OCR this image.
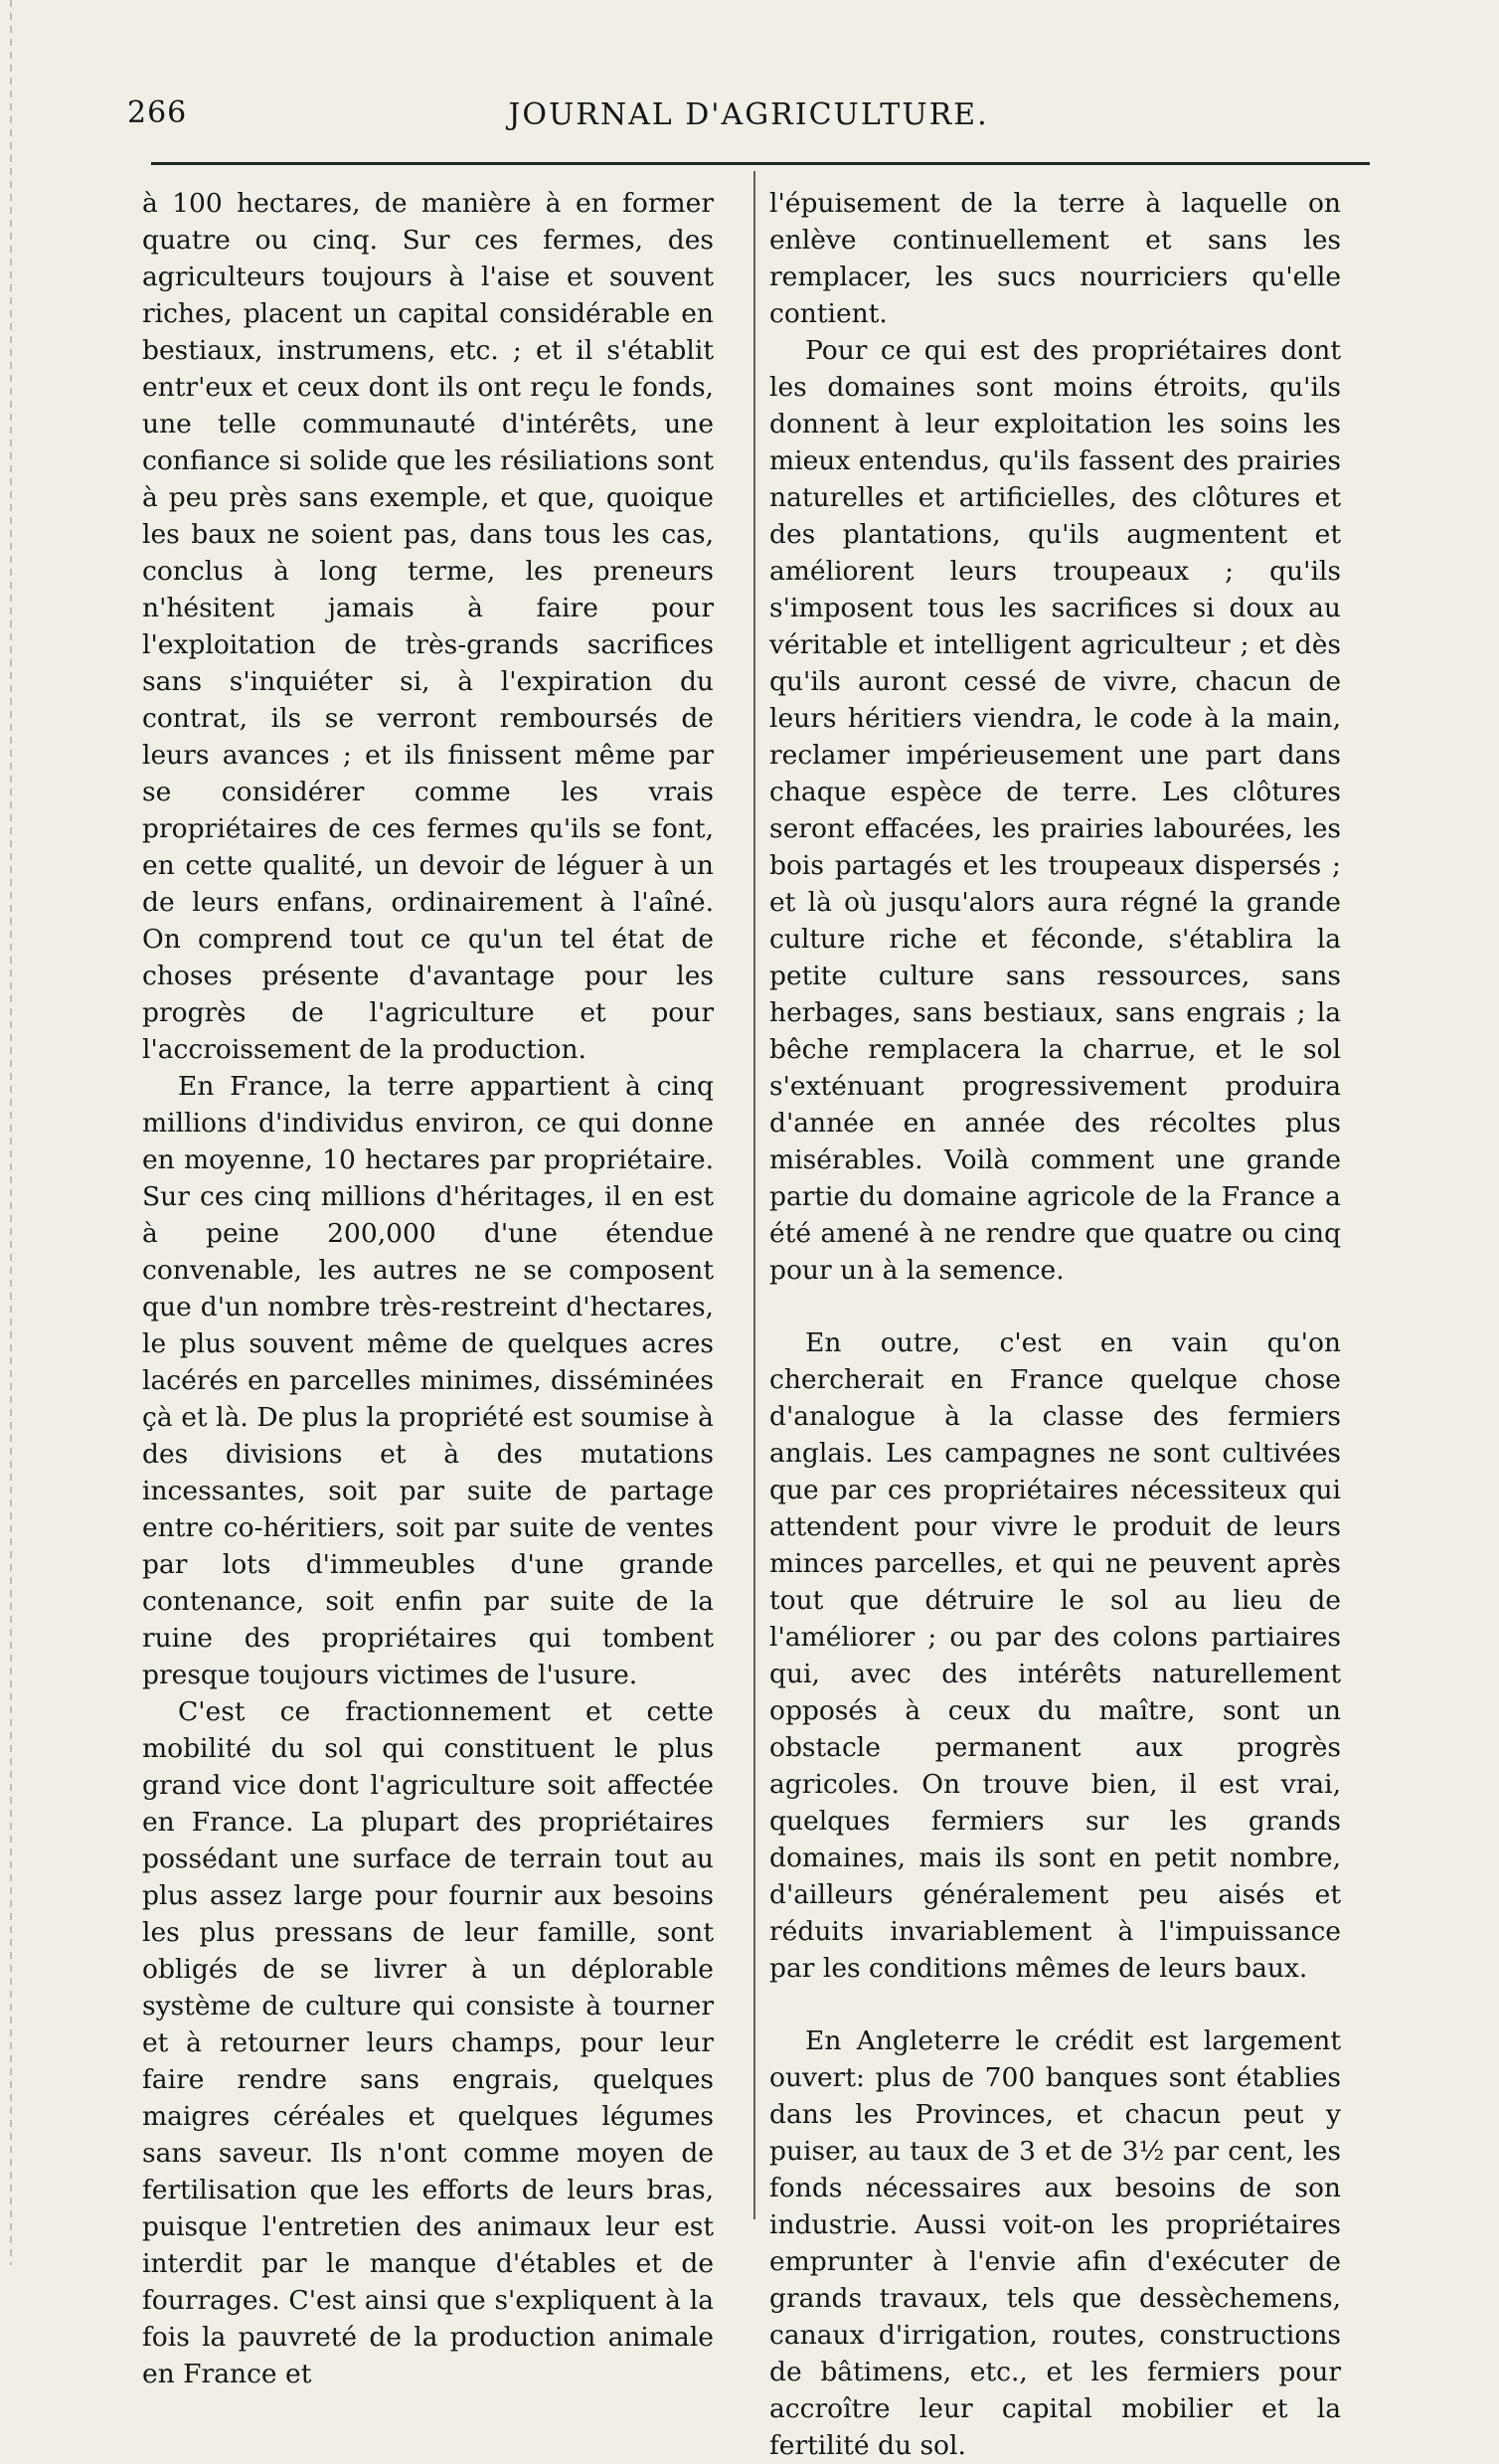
266	JOURNAL D'AGRICULTURE.

à 100 hectares, de manière à en former quatre ou cinq. Sur ces fermes, des agriculteurs toujours à l'aise et souvent riches, placent un capital considérable en bestiaux, instrumens, etc. ; et il s'établit entr'eux et ceux dont ils ont reçu le fonds, une telle communauté d'intérêts, une confiance si solide que les résiliations sont à peu près sans exemple, et que, quoique les baux ne soient pas, dans tous les cas, conclus à long terme, les preneurs n'hésitent jamais à faire pour l'exploitation de très-grands sacrifices sans s'inquiéter si, à l'expiration du contrat, ils se verront remboursés de leurs avances ; et ils finissent même par se considérer comme les vrais propriétaires de ces fermes qu'ils se font, en cette qualité, un devoir de léguer à un de leurs enfans, ordinairement à l'aîné. On comprend tout ce qu'un tel état de choses présente d'avantage pour les progrès de l'agriculture et pour l'accroissement de la production.

En France, la terre appartient à cinq millions d'individus environ, ce qui donne en moyenne, 10 hectares par propriétaire. Sur ces cinq millions d'héritages, il en est à peine 200,000 d'une étendue convenable, les autres ne se composent que d'un nombre très-restreint d'hectares, le plus souvent même de quelques acres lacérés en parcelles minimes, disséminées çà et là. De plus la propriété est soumise à des divisions et à des mutations incessantes, soit par suite de partage entre co-héritiers, soit par suite de ventes par lots d'immeubles d'une grande contenance, soit enfin par suite de la ruine des propriétaires qui tombent presque toujours victimes de l'usure.

C'est ce fractionnement et cette mobilité du sol qui constituent le plus grand vice dont l'agriculture soit affectée en France. La plupart des propriétaires possédant une surface de terrain tout au plus assez large pour fournir aux besoins les plus pressans de leur famille, sont obligés de se livrer à un déplorable système de culture qui consiste à tourner et à retourner leurs champs, pour leur faire rendre sans engrais, quelques maigres céréales et quelques légumes sans saveur. Ils n'ont comme moyen de fertilisation que les efforts de leurs bras, puisque l'entretien des animaux leur est interdit par le manque d'étables et de fourrages. C'est ainsi que s'expliquent à la fois la pauvreté de la production animale en France et

l'épuisement de la terre à laquelle on enlève continuellement et sans les remplacer, les sucs nourriciers qu'elle contient.

Pour ce qui est des propriétaires dont les domaines sont moins étroits, qu'ils donnent à leur exploitation les soins les mieux entendus, qu'ils fassent des prairies naturelles et artificielles, des clôtures et des plantations, qu'ils augmentent et améliorent leurs troupeaux ; qu'ils s'imposent tous les sacrifices si doux au véritable et intelligent agriculteur ; et dès qu'ils auront cessé de vivre, chacun de leurs héritiers viendra, le code à la main, reclamer impérieusement une part dans chaque espèce de terre. Les clôtures seront effacées, les prairies labourées, les bois partagés et les troupeaux dispersés ; et là où jusqu'alors aura régné la grande culture riche et féconde, s'établira la petite culture sans ressources, sans herbages, sans bestiaux, sans engrais ; la bêche remplacera la charrue, et le sol s'exténuant progressivement produira d'année en année des récoltes plus misérables. Voilà comment une grande partie du domaine agricole de la France a été amené à ne rendre que quatre ou cinq pour un à la semence.

En outre, c'est en vain qu'on chercherait en France quelque chose d'analogue à la classe des fermiers anglais. Les campagnes ne sont cultivées que par ces propriétaires nécessiteux qui attendent pour vivre le produit de leurs minces parcelles, et qui ne peuvent après tout que détruire le sol au lieu de l'améliorer ; ou par des colons partiaires qui, avec des intérêts naturellement opposés à ceux du maître, sont un obstacle permanent aux progrès agricoles. On trouve bien, il est vrai, quelques fermiers sur les grands domaines, mais ils sont en petit nombre, d'ailleurs généralement peu aisés et réduits invariablement à l'impuissance par les conditions mêmes de leurs baux.

En Angleterre le crédit est largement ouvert: plus de 700 banques sont établies dans les Provinces, et chacun peut y puiser, au taux de 3 et de 3½ par cent, les fonds nécessaires aux besoins de son industrie. Aussi voit-on les propriétaires emprunter à l'envie afin d'exécuter de grands travaux, tels que dessèchemens, canaux d'irrigation, routes, constructions de bâtimens, etc., et les fermiers pour accroître leur capital mobilier et la fertilité du sol.
